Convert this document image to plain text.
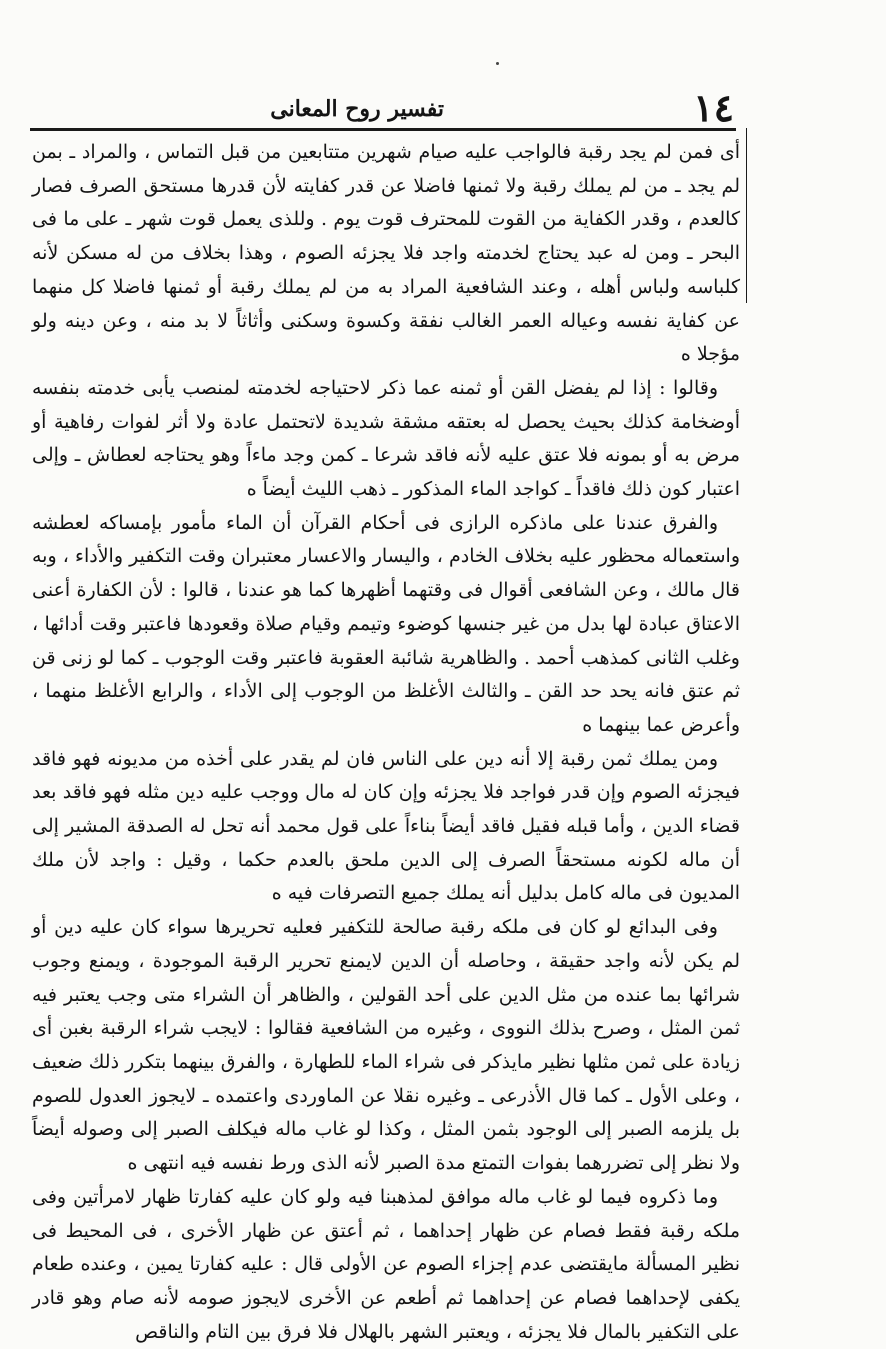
١٤
تفسير روح المعانى

أى فمن لم يجد رقبة فالواجب عليه صيام شهرين متتابعين من قبل التماس ، والمراد ـ بمن لم يجد ـ من لم يملك رقبة ولا ثمنها فاضلا عن قدر كفايته لأن قدرها مستحق الصرف فصار كالعدم ، وقدر الكفاية من القوت للمحترف قوت يوم . وللذى يعمل قوت شهر ـ على ما فى البحر ـ ومن له عبد يحتاج لخدمته واجد فلا يجزئه الصوم ، وهذا بخلاف من له مسكن لأنه كلباسه ولباس أهله ، وعند الشافعية المراد به من لم يملك رقبة أو ثمنها فاضلا كل منهما عن كفاية نفسه وعياله العمر الغالب نفقة وكسوة وسكنى وأثاثاً لا بد منه ، وعن دينه ولو مؤجلا ه

وقالوا : إذا لم يفضل القن أو ثمنه عما ذكر لاحتياجه لخدمته لمنصب يأبى خدمته بنفسه أوضخامة كذلك بحيث يحصل له بعتقه مشقة شديدة لاتحتمل عادة ولا أثر لفوات رفاهية أو مرض به أو بمونه فلا عتق عليه لأنه فاقد شرعا ـ كمن وجد ماءاً وهو يحتاجه لعطاش ـ وإلى اعتبار كون ذلك فاقداً ـ كواجد الماء المذكور ـ ذهب الليث أيضاً ه

والفرق عندنا على ماذكره الرازى فى أحكام القرآن أن الماء مأمور بإمساكه لعطشه واستعماله محظور عليه بخلاف الخادم ، واليسار والاعسار معتبران وقت التكفير والأداء ، وبه قال مالك ، وعن الشافعى أقوال فى وقتهما أظهرها كما هو عندنا ، قالوا : لأن الكفارة أعنى الاعتاق عبادة لها بدل من غير جنسها كوضوء وتيمم وقيام صلاة وقعودها فاعتبر وقت أدائها ، وغلب الثانى كمذهب أحمد . والظاهرية شائبة العقوبة فاعتبر وقت الوجوب ـ كما لو زنى قن ثم عتق فانه يحد حد القن ـ والثالث الأغلظ من الوجوب إلى الأداء ، والرابع الأغلظ منهما ، وأعرض عما بينهما ه

ومن يملك ثمن رقبة إلا أنه دين على الناس فان لم يقدر على أخذه من مديونه فهو فاقد فيجزئه الصوم وإن قدر فواجد فلا يجزئه وإن كان له مال ووجب عليه دين مثله فهو فاقد بعد قضاء الدين ، وأما قبله فقيل فاقد أيضاً بناءاً على قول محمد أنه تحل له الصدقة المشير إلى أن ماله لكونه مستحقاً الصرف إلى الدين ملحق بالعدم حكما ، وقيل : واجد لأن ملك المديون فى ماله كامل بدليل أنه يملك جميع التصرفات فيه ه

وفى البدائع لو كان فى ملكه رقبة صالحة للتكفير فعليه تحريرها سواء كان عليه دين أو لم يكن لأنه واجد حقيقة ، وحاصله أن الدين لايمنع تحرير الرقبة الموجودة ، ويمنع وجوب شرائها بما عنده من مثل الدين على أحد القولين ، والظاهر أن الشراء متى وجب يعتبر فيه ثمن المثل ، وصرح بذلك النووى ، وغيره من الشافعية فقالوا : لايجب شراء الرقبة بغبن أى زيادة على ثمن مثلها نظير مايذكر فى شراء الماء للطهارة ، والفرق بينهما بتكرر ذلك ضعيف ، وعلى الأول ـ كما قال الأذرعى ـ وغيره نقلا عن الماوردى واعتمده ـ لايجوز العدول للصوم بل يلزمه الصبر إلى الوجود بثمن المثل ، وكذا لو غاب ماله فيكلف الصبر إلى وصوله أيضاً ولا نظر إلى تضررهما بفوات التمتع مدة الصبر لأنه الذى ورط نفسه فيه انتهى ه

وما ذكروه فيما لو غاب ماله موافق لمذهبنا فيه ولو كان عليه كفارتا ظهار لامرأتين وفى ملكه رقبة فقط فصام عن ظهار إحداهما ، ثم أعتق عن ظهار الأخرى ، فى المحيط فى نظير المسألة مايقتضى عدم إجزاء الصوم عن الأولى قال : عليه كفارتا يمين ، وعنده طعام يكفى لإحداهما فصام عن إحداهما ثم أطعم عن الأخرى لايجوز صومه لأنه صام وهو قادر على التكفير بالمال فلا يجزئه ، ويعتبر الشهر بالهلال فلا فرق بين التام والناقص
